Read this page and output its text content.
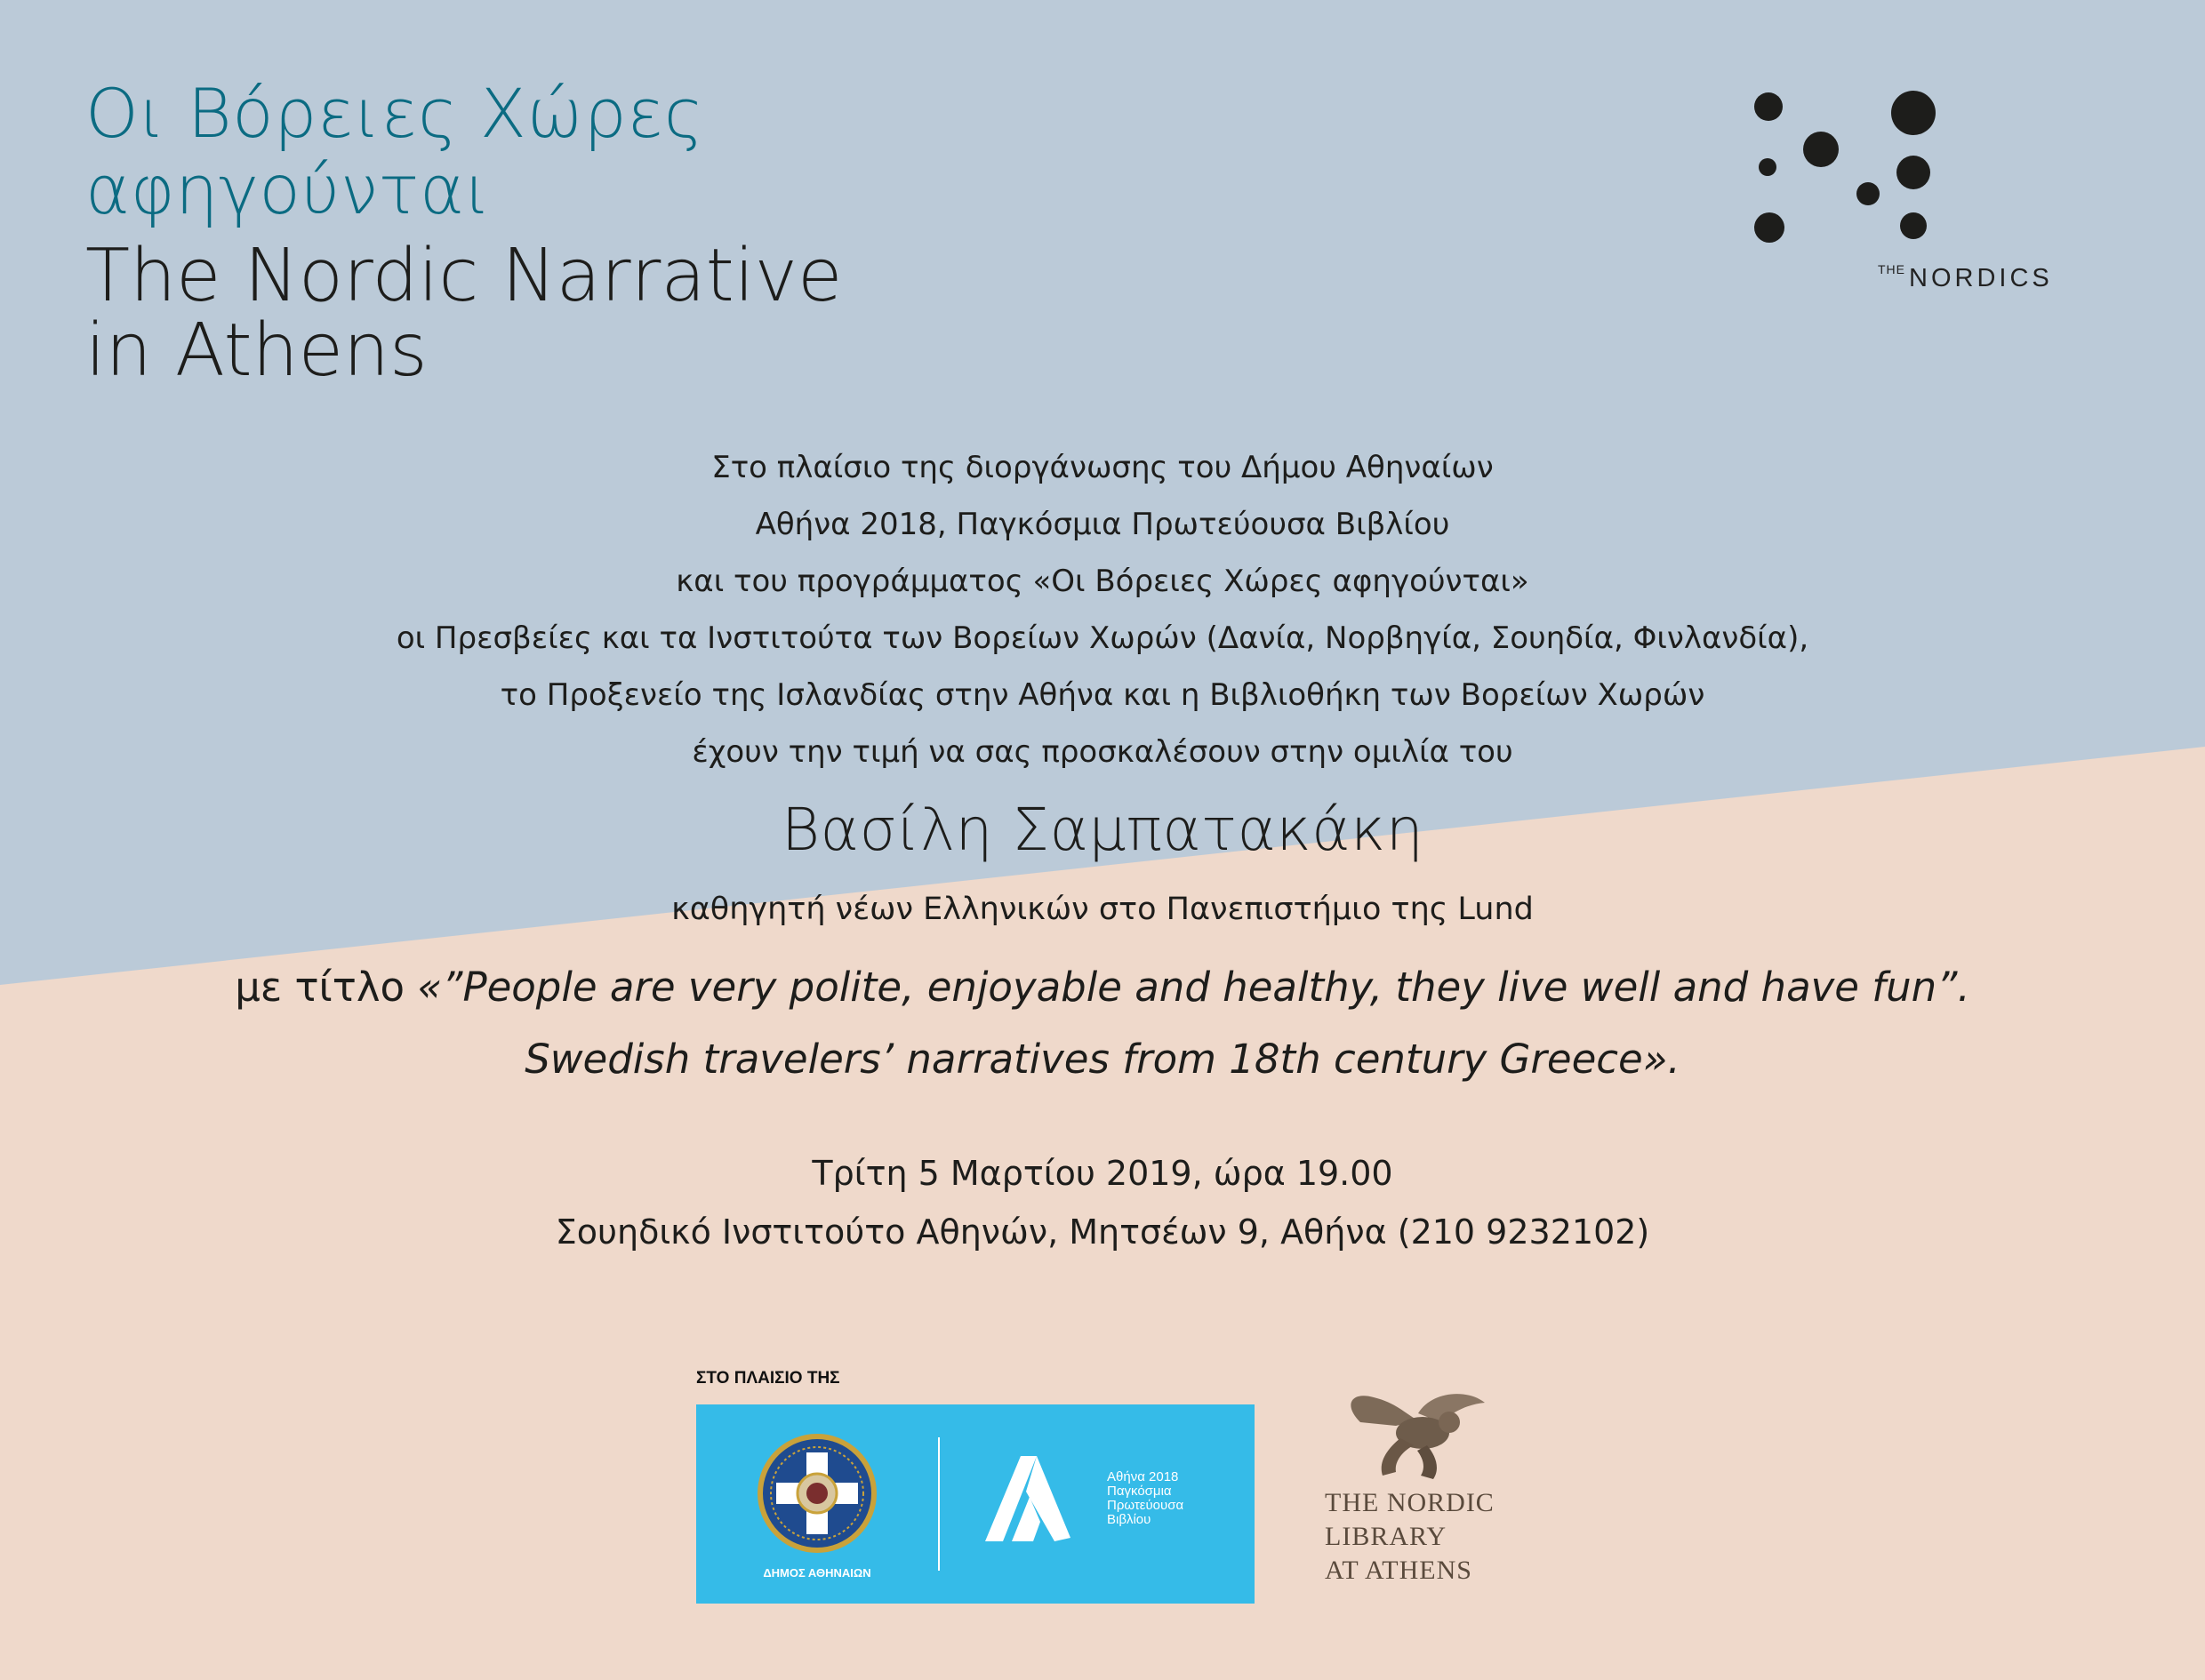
Οι Βόρειες Χώρες
αφηγούνται
The Nordic Narrative
in Athens
$^{THE}$ NORDICS
Στο πλαίσιο της διοργάνωσης του Δήμου Αθηναίων
Αθήνα 2018, Παγκόσμια Πρωτεύουσα Βιβλίου
και του προγράμματος «Οι Βόρειες Χώρες αφηγούνται»
οι Πρεσβείες και τα Ινστιτούτα των Βορείων Χωρών (Δανία, Νορβηγία, Σουηδία, Φινλανδία),
το Προξενείο της Ισλανδίας στην Αθήνα και η Βιβλιοθήκη των Βορείων Χωρών
έχουν την τιμή να σας προσκαλέσουν στην ομιλία του
Βασίλη Σαμπατακάκη
καθηγητή νέων Ελληνικών στο Πανεπιστήμιο της Lund
με τίτλο «”People are very polite, enjoyable and healthy, they live well and have fun”.
Swedish travelers’ narratives from 18th century Greece».
Τρίτη 5 Μαρτίου 2019, ώρα 19.00
Σουηδικό Ινστιτούτο Αθηνών, Μητσέων 9, Αθήνα (210 9232102)
ΣΤΟ ΠΛΑΙΣΙΟ ΤΗΣ
ΔΗΜΟΣ ΑΘΗΝΑΙΩΝ
Αθήνα 2018
Παγκόσμια
Πρωτεύουσα
Βιβλίου
THE NORDIC
LIBRARY
AT ATHENS
